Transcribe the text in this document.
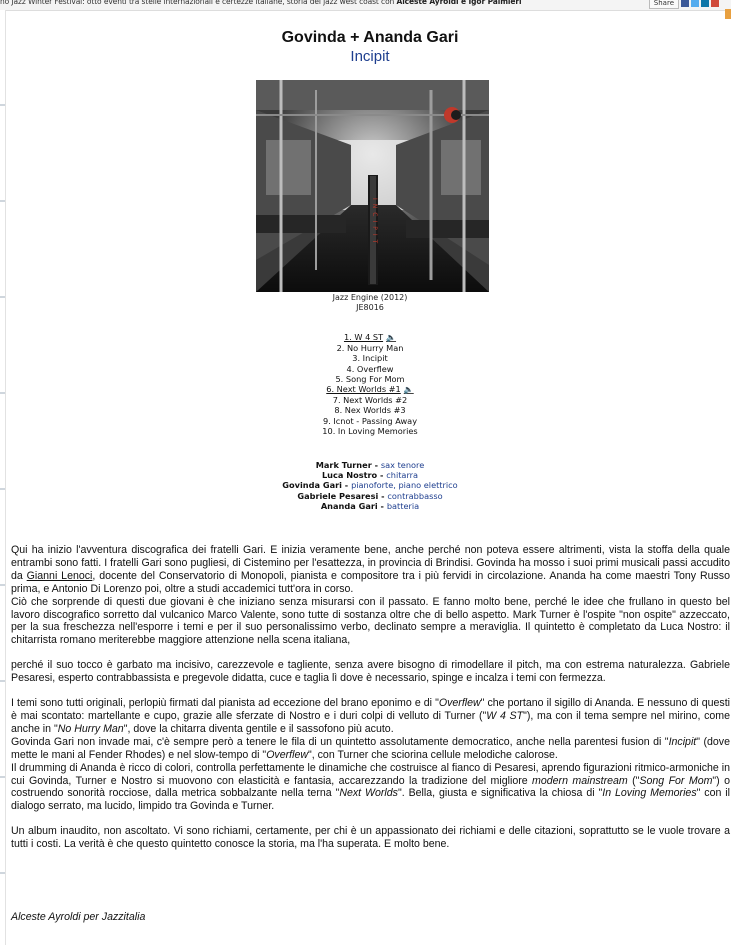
no Jazz Winter Festival: otto eventi tra stelle internazionali e certezze italiane, storia del jazz west coast con Alceste Ayroldi e Igor Palmieri	Share
Govinda + Ananda Gari
Incipit
INCIPIT
Jazz Engine (2012)
JE8016
1. W 4 ST 🔈
2. No Hurry Man
3. Incipit
4. Overflew
5. Song For Mom
6. Next Worlds #1 🔈
7. Next Worlds #2
8. Nex Worlds #3
9. Icnot - Passing Away
10. In Loving Memories
Mark Turner - sax tenore
Luca Nostro - chitarra
Govinda Gari - pianoforte, piano elettrico
Gabriele Pesaresi - contrabbasso
Ananda Gari - batteria

Qui ha inizio l'avventura discografica dei fratelli Gari. E inizia veramente bene, anche perché non poteva essere altrimenti, vista la stoffa della quale entrambi sono fatti. I fratelli Gari sono pugliesi, di Cistemino per l'esattezza, in provincia di Brindisi. Govinda ha mosso i suoi primi musicali passi accudito da Gianni Lenoci, docente del Conservatorio di Monopoli, pianista e compositore tra i più fervidi in circolazione. Ananda ha come maestri Tony Russo prima, e Antonio Di Lorenzo poi, oltre a studi accademici tutt'ora in corso.

Ciò che sorprende di questi due giovani è che iniziano senza misurarsi con il passato. E fanno molto bene, perché le idee che frullano in questo bel lavoro discografico sorretto dal vulcanico Marco Valente, sono tutte di sostanza oltre che di bello aspetto. Mark Turner è l'ospite "non ospite" azzeccato, per la sua freschezza nell'esporre i temi e per il suo personalissimo verbo, declinato sempre a meraviglia. Il quintetto è completato da Luca Nostro: il chitarrista romano meriterebbe maggiore attenzione nella scena italiana,

perché il suo tocco è garbato ma incisivo, carezzevole e tagliente, senza avere bisogno di rimodellare il pitch, ma con estrema naturalezza. Gabriele Pesaresi, esperto contrabbassista e pregevole didatta, cuce e taglia lì dove è necessario, spinge e incalza i temi con fermezza.

I temi sono tutti originali, perlopiù firmati dal pianista ad eccezione del brano eponimo e di "Overflew" che portano il sigillo di Ananda. E nessuno di questi è mai scontato: martellante e cupo, grazie alle sferzate di Nostro e i duri colpi di velluto di Turner ("W 4 ST"), ma con il tema sempre nel mirino, come anche in "No Hurry Man", dove la chitarra diventa gentile e il sassofono più acuto.

Govinda Gari non invade mai, c'è sempre però a tenere le fila di un quintetto assolutamente democratico, anche nella parentesi fusion di "Incipit" (dove mette le mani al Fender Rhodes) e nel slow-tempo di "Overflew", con Turner che sciorina cellule melodiche calorose.

Il drumming di Ananda è ricco di colori, controlla perfettamente le dinamiche che costruisce al fianco di Pesaresi, aprendo figurazioni ritmico-armoniche in cui Govinda, Turner e Nostro si muovono con elasticità e fantasia, accarezzando la tradizione del migliore modern mainstream ("Song For Mom") o costruendo sonorità rocciose, dalla metrica sobbalzante nella terna "Next Worlds". Bella, giusta e significativa la chiosa di "In Loving Memories" con il dialogo serrato, ma lucido, limpido tra Govinda e Turner.

Un album inaudito, non ascoltato. Vi sono richiami, certamente, per chi è un appassionato dei richiami e delle citazioni, soprattutto se le vuole trovare a tutti i costi. La verità è che questo quintetto conosce la storia, ma l'ha superata. E molto bene.

Alceste Ayroldi per Jazzitalia
